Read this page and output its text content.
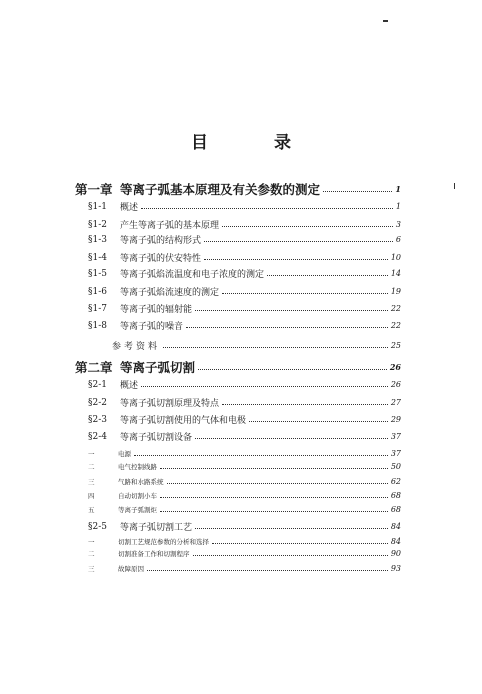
目 录
第一章 等离子弧基本原理及有关参数的测定	1
§1-1	概述	1
§1-2	产生等离子弧的基本原理	3
§1-3	等离子弧的结构形式	6
§1-4	等离子弧的伏安特性	10
§1-5	等离子弧焰流温度和电子浓度的测定	14
§1-6	等离子弧焰流速度的测定	19
§1-7	等离子弧的辐射能	22
§1-8	等离子弧的噪音	22
参考资料	25
第二章 等离子弧切割	26
§2-1	概述	26
§2-2	等离子弧切割原理及特点	27
§2-3	等离子弧切割使用的气体和电极	29
§2-4	等离子弧切割设备	37
一	电源	37
二	电气控制线路	50
三	气路和水路系统	62
四	自动切割小车	68
五	等离子弧割炬	68
§2-5	等离子弧切割工艺	84
一	切割工艺规范参数的分析和选择	84
二	切割准备工作和切割程序	90
三	故障原因	93
